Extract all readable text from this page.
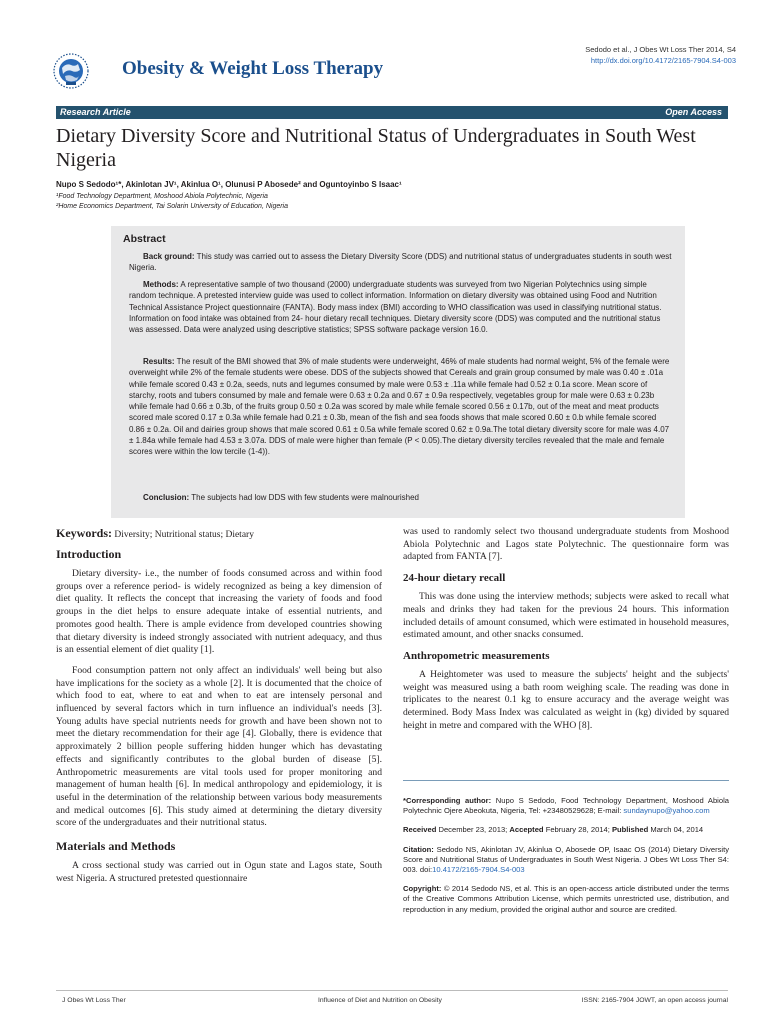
Sedodo et al., J Obes Wt Loss Ther 2014, S4
http://dx.doi.org/10.4172/2165-7904.S4-003
Obesity & Weight Loss Therapy
Research Article	Open Access
Dietary Diversity Score and Nutritional Status of Undergraduates in South West Nigeria
Nupo S Sedodo¹*, Akinlotan JV¹, Akinlua O¹, Olunusi P Abosede² and Oguntoyinbo S Isaac¹
¹Food Technology Department, Moshood Abiola Polytechnic, Nigeria
²Home Economics Department, Tai Solarin University of Education, Nigeria
Abstract

Back ground: This study was carried out to assess the Dietary Diversity Score (DDS) and nutritional status of undergraduates students in south west Nigeria.

Methods: A representative sample of two thousand (2000) undergraduate students was surveyed from two Nigerian Polytechnics using simple random technique. A pretested interview guide was used to collect information. Information on dietary diversity was obtained using Food and Nutrition Technical Assistance Project questionnaire (FANTA). Body mass index (BMI) according to WHO classification was used in classifying nutritional status. Information on food intake was obtained from 24- hour dietary recall techniques. Dietary diversity score (DDS) was computed and the nutritional status was assessed. Data were analyzed using descriptive statistics; SPSS software package version 16.0.

Results: The result of the BMI showed that 3% of male students were underweight, 46% of male students had normal weight, 5% of the female were overweight while 2% of the female students were obese. DDS of the subjects showed that Cereals and grain group consumed by male was 0.40 ± .01a while female scored 0.43 ± 0.2a, seeds, nuts and legumes consumed by male were 0.53 ± .11a while female had 0.52 ± 0.1a score. Mean score of starchy, roots and tubers consumed by male and female were 0.63 ± 0.2a and 0.67 ± 0.9a respectively, vegetables group for male were 0.63 ± 0.23b while female had 0.66 ± 0.3b, of the fruits group 0.50 ± 0.2a was scored by male while female scored 0.56 ± 0.17b, out of the meat and meat products scored male scored 0.17 ± 0.3a while female had 0.21 ± 0.3b, mean of the fish and sea foods shows that male scored 0.60 ± 0.b while female scored 0.86 ± 0.2a. Oil and dairies group shows that male scored 0.61 ± 0.5a while female scored 0.62 ± 0.9a.The total dietary diversity score for male was 4.07 ± 1.84a while female had 4.53 ± 3.07a. DDS of male were higher than female (P < 0.05).The dietary diversity terciles revealed that the male and female scores were within the low tercile (1-4)).

Conclusion: The subjects had low DDS with few students were malnourished

Keywords: Diversity; Nutritional status; Dietary
Introduction

Dietary diversity- i.e., the number of foods consumed across and within food groups over a reference period- is widely recognized as being a key dimension of diet quality. It reflects the concept that increasing the variety of foods and food groups in the diet helps to ensure adequate intake of essential nutrients, and promotes good health. There is ample evidence from developed countries showing that dietary diversity is indeed strongly associated with nutrient adequacy, and thus is an essential element of diet quality [1].

Food consumption pattern not only affect an individuals' well being but also have implications for the society as a whole [2]. It is documented that the choice of which food to eat, where to eat and when to eat are intensely personal and influenced by several factors which in turn influence an individual's needs [3]. Young adults have special nutrients needs for growth and have been shown not to meet the dietary recommendation for their age [4]. Globally, there is evidence that approximately 2 billion people suffering hidden hunger which has devastating effects and significantly contributes to the global burden of disease [5]. Anthropometric measurements are vital tools used for proper monitoring and management of human health [6]. In medical anthropology and epidemiology, it is useful in the determination of the relationship between various body measurements and medical outcomes [6]. This study aimed at determining the dietary diversity score of the undergraduates and their nutritional status.

Materials and Methods

A cross sectional study was carried out in Ogun state and Lagos state, South west Nigeria. A structured pretested questionnaire

was used to randomly select two thousand undergraduate students from Moshood Abiola Polytechnic and Lagos state Polytechnic. The questionnaire form was adapted from FANTA [7].

24-hour dietary recall

This was done using the interview methods; subjects were asked to recall what meals and drinks they had taken for the previous 24 hours. This information included details of amount consumed, which were estimated in household measures, estimated amount, and other snacks consumed.

Anthropometric measurements

A Heightometer was used to measure the subjects' height and the subjects' weight was measured using a bath room weighing scale. The reading was done in triplicates to the nearest 0.1 kg to ensure accuracy and the average weight was determined. Body Mass Index was calculated as weight in (kg) divided by squared height in metre and compared with the WHO [8].

*Corresponding author: Nupo S Sedodo, Food Technology Department, Moshood Abiola Polytechnic Ojere Abeokuta, Nigeria, Tel: +23480529628; E-mail: sundaynupo@yahoo.com

Received December 23, 2013; Accepted February 28, 2014; Published March 04, 2014

Citation: Sedodo NS, Akinlotan JV, Akinlua O, Abosede OP, Isaac OS (2014) Dietary Diversity Score and Nutritional Status of Undergraduates in South West Nigeria. J Obes Wt Loss Ther S4: 003. doi:10.4172/2165-7904.S4-003

Copyright: © 2014 Sedodo NS, et al. This is an open-access article distributed under the terms of the Creative Commons Attribution License, which permits unrestricted use, distribution, and reproduction in any medium, provided the original author and source are credited.

J Obes Wt Loss Ther	Influence of Diet and Nutrition on Obesity	ISSN: 2165-7904 JOWT, an open access journal
